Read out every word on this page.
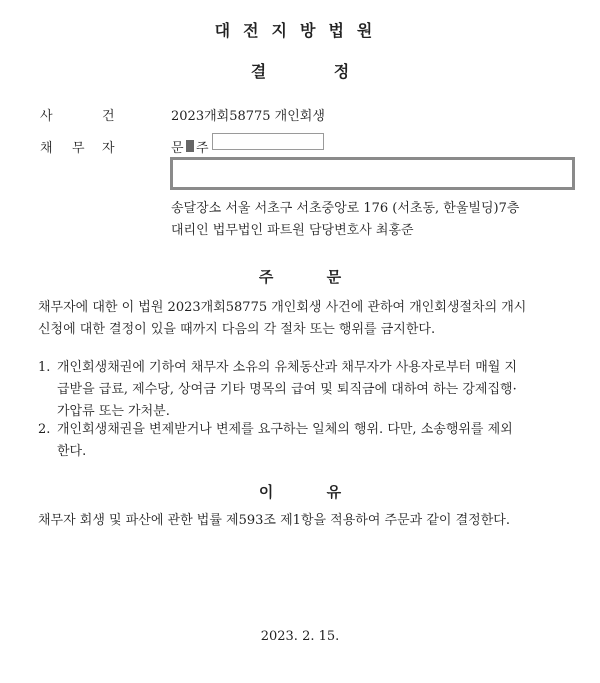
대전지방법원
결 정
사	건	2023개회58775 개인회생
채 무 자	문 주
송달장소 서울 서초구 서초중앙로 176 (서초동, 한울빌딩)7층
대리인 법무법인 파트원 담당변호사 최홍준
주 문
채무자에 대한 이 법원 2023개회58775 개인회생 사건에 관하여 개인회생절차의 개시
신청에 대한 결정이 있을 때까지 다음의 각 절차 또는 행위를 금지한다.
1. 개인회생채권에 기하여 채무자 소유의 유체동산과 채무자가 사용자로부터 매월 지
급받을 급료, 제수당, 상여금 기타 명목의 급여 및 퇴직금에 대하여 하는 강제집행·
가압류 또는 가처분.
2. 개인회생채권을 변제받거나 변제를 요구하는 일체의 행위. 다만, 소송행위를 제외
한다.
이 유
채무자 회생 및 파산에 관한 법률 제593조 제1항을 적용하여 주문과 같이 결정한다.
2023. 2. 15.
